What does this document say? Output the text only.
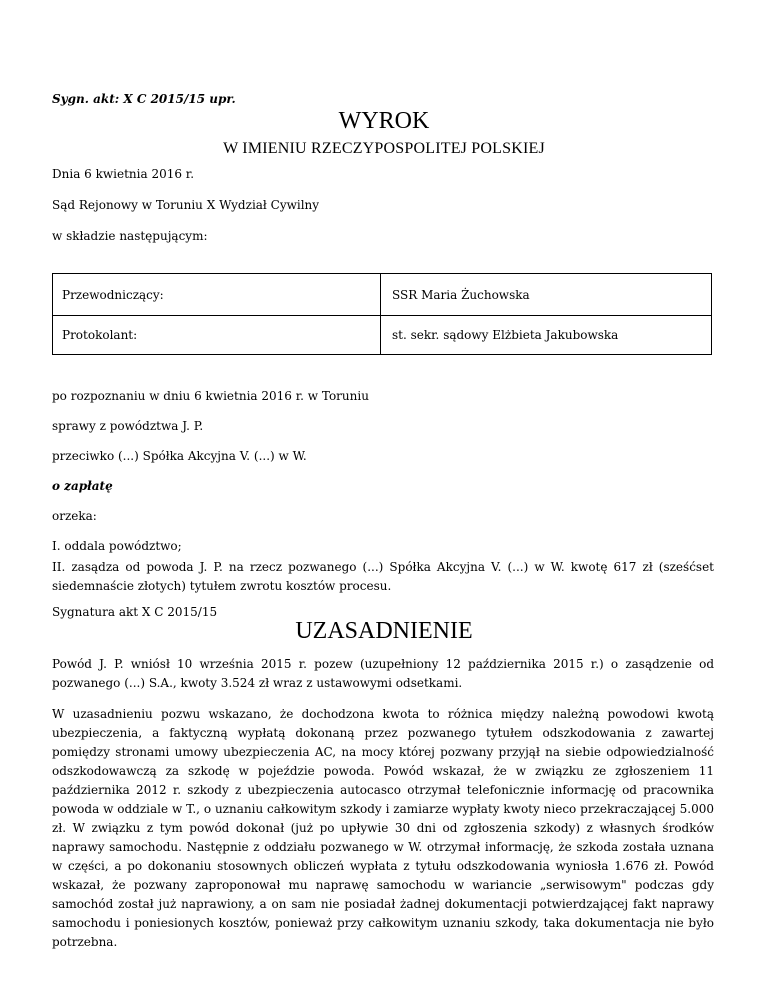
Sygn. akt: X C 2015/15 upr.
WYROK
W IMIENIU RZECZYPOSPOLITEJ POLSKIEJ
Dnia 6 kwietnia 2016 r.
Sąd Rejonowy w Toruniu X Wydział Cywilny
w składzie następującym:
Przewodniczący:	SSR Maria Żuchowska
Protokolant:	st. sekr. sądowy Elżbieta Jakubowska
po rozpoznaniu w dniu 6 kwietnia 2016 r. w Toruniu
sprawy z powództwa J. P.
przeciwko (...) Spółka Akcyjna V. (...) w W.
o zapłatę
orzeka:
I. oddala powództwo;
II. zasądza od powoda J. P. na rzecz pozwanego (...) Spółka Akcyjna V. (...) w W. kwotę 617 zł (sześćset siedemnaście złotych) tytułem zwrotu kosztów procesu.
Sygnatura akt X C 2015/15
UZASADNIENIE
Powód J. P. wniósł 10 września 2015 r. pozew (uzupełniony 12 października 2015 r.) o zasądzenie od pozwanego (...) S.A., kwoty 3.524 zł wraz z ustawowymi odsetkami.
W uzasadnieniu pozwu wskazano, że dochodzona kwota to różnica między należną powodowi kwotą ubezpieczenia, a faktyczną wypłatą dokonaną przez pozwanego tytułem odszkodowania z zawartej pomiędzy stronami umowy ubezpieczenia AC, na mocy której pozwany przyjął na siebie odpowiedzialność odszkodowawczą za szkodę w pojeździe powoda. Powód wskazał, że w związku ze zgłoszeniem 11 października 2012 r. szkody z ubezpieczenia autocasco otrzymał telefonicznie informację od pracownika powoda w oddziale w T., o uznaniu całkowitym szkody i zamiarze wypłaty kwoty nieco przekraczającej 5.000 zł. W związku z tym powód dokonał (już po upływie 30 dni od zgłoszenia szkody) z własnych środków naprawy samochodu. Następnie z oddziału pozwanego w W. otrzymał informację, że szkoda została uznana w części, a po dokonaniu stosownych obliczeń wypłata z tytułu odszkodowania wyniosła 1.676 zł. Powód wskazał, że pozwany zaproponował mu naprawę samochodu w wariancie „serwisowym" podczas gdy samochód został już naprawiony, a on sam nie posiadał żadnej dokumentacji potwierdzającej fakt naprawy samochodu i poniesionych kosztów, ponieważ przy całkowitym uznaniu szkody, taka dokumentacja nie było potrzebna.
